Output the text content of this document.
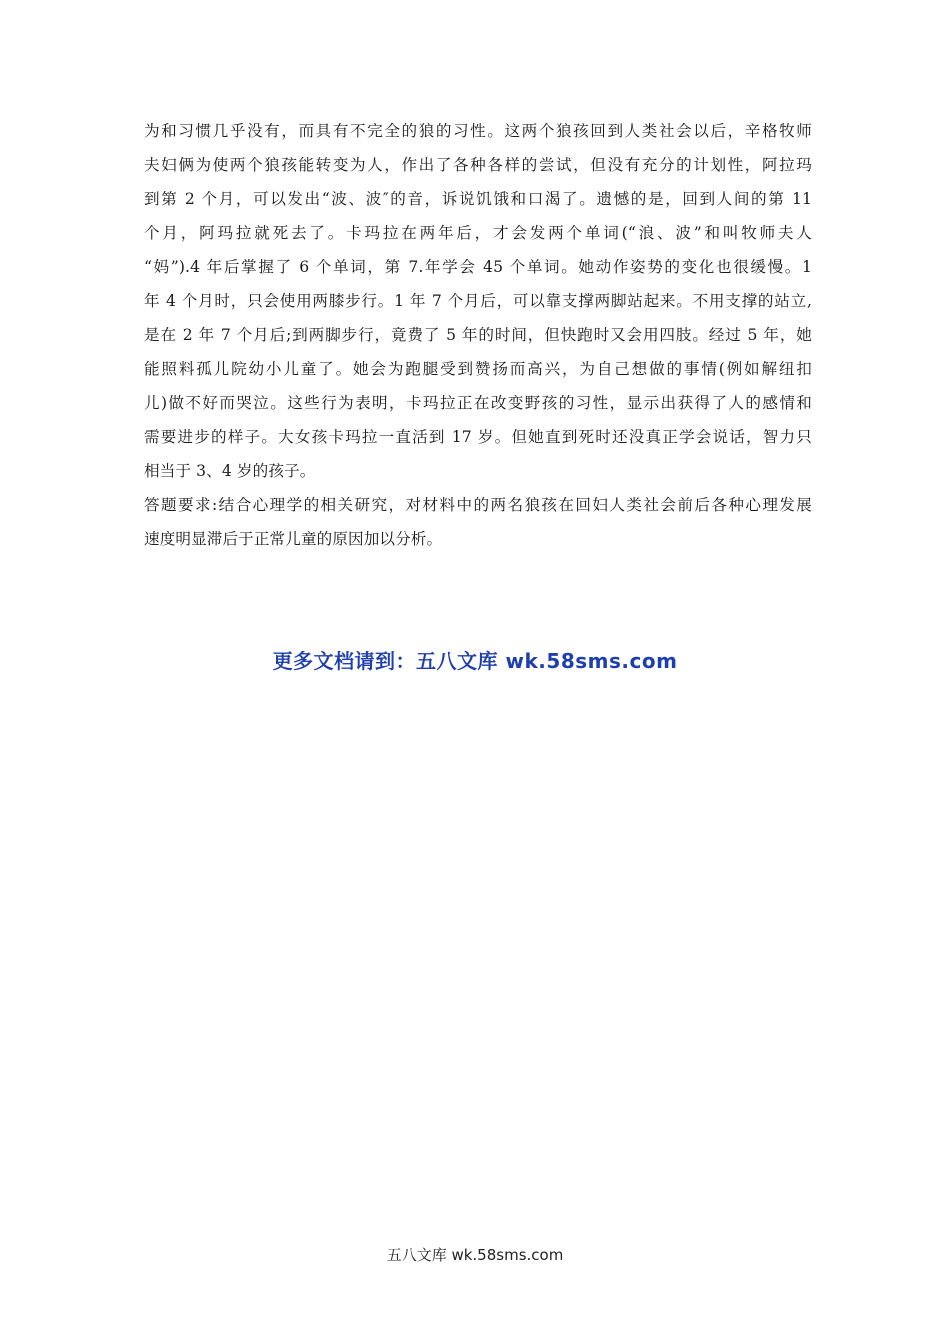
为和习惯几乎没有，而具有不完全的狼的习性。这两个狼孩回到人类社会以后，辛格牧师
夫妇俩为使两个狼孩能转变为人，作出了各种各样的尝试，但没有充分的计划性，阿拉玛
到第 2 个月，可以发出“波、波″的音，诉说饥饿和口渴了。遗憾的是，回到人间的第 11
个月，阿玛拉就死去了。卡玛拉在两年后，才会发两个单词(“浪、波”和叫牧师夫人
“妈”).4 年后掌握了 6 个单词，第 7.年学会 45 个单词。她动作姿势的变化也很缓慢。1
年 4 个月时，只会使用两膝步行。1 年 7 个月后，可以靠支撑两脚站起来。不用支撑的站立,
是在 2 年 7 个月后;到两脚步行，竟费了 5 年的时间，但快跑时又会用四肢。经过 5 年，她
能照料孤儿院幼小儿童了。她会为跑腿受到赞扬而高兴，为自己想做的事情(例如解纽扣
儿)做不好而哭泣。这些行为表明，卡玛拉正在改变野孩的习性，显示出获得了人的感情和
需要进步的样子。大女孩卡玛拉一直活到 17 岁。但她直到死时还没真正学会说话，智力只
相当于 3、4 岁的孩子。
答题要求:结合心理学的相关研究，对材料中的两名狼孩在回妇人类社会前后各种心理发展
速度明显滞后于正常儿童的原因加以分析。
更多文档请到：五八文库 wk.58sms.com
五八文库 wk.58sms.com
